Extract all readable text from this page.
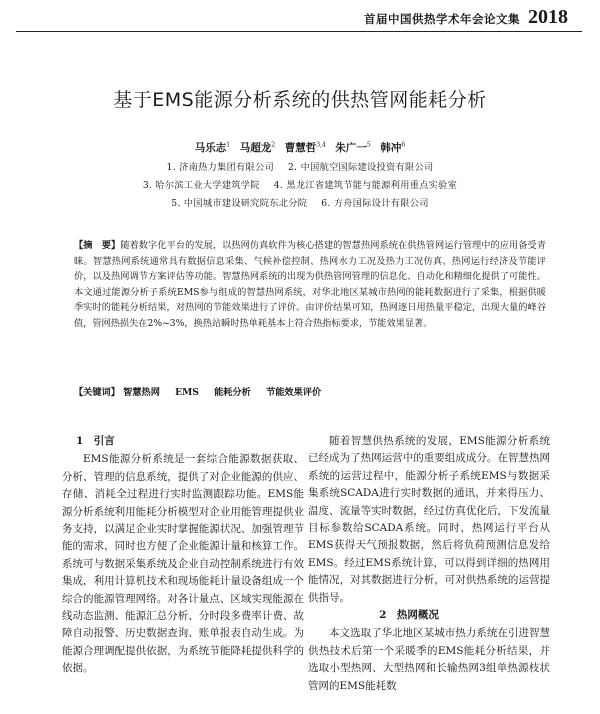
首届中国供热学术年会论文集 2018
基于EMS能源分析系统的供热管网能耗分析
马乐志$^1$ 马超龙$^2$ 曹慧哲$^{3,4}$ 朱广一$^5$ 韩冲$^6$
1. 济南热力集团有限公司 2. 中国航空国际建设投资有限公司
3. 哈尔滨工业大学建筑学院 4. 黑龙江省建筑节能与能源利用重点实验室
5. 中国城市建设研究院东北分院 6. 方舟国际设计有限公司
【摘　要】随着数字化平台的发展，以热网仿真软件为核心搭建的智慧热网系统在供热管网运行管理中的应用备受青睐。智慧热网系统通常具有数据信息采集、气候补偿控制、热网水力工况及热力工况仿真、热网运行经济及节能评价，以及热网调节方案评估等功能。智慧热网系统的出现为供热管网管理的信息化、自动化和精细化提供了可能性。本文通过能源分析子系统EMS参与组成的智慧热网系统，对华北地区某城市热网的能耗数据进行了采集，根据供暖季实时的能耗分析结果，对热网的节能效果进行了评价。由评价结果可知，热网逐日用热量平稳定，出现大量的峰谷值，管网热损失在2%~3%，换热站瞬时热单耗基本上符合热指标要求，节能效果显著。
【关键词】 智慧热网 EMS 能耗分析 节能效果评价
1　引言

EMS能源分析系统是一套综合能源数据获取、分析、管理的信息系统，提供了对企业能源的供应、存储、消耗全过程进行实时监测跟踪功能。EMS能源分析系统利用能耗分析模型对企业用能管理提供业务支持，以满足企业实时掌握能源状况、加强管理节能的需求，同时也方便了企业能源计量和核算工作。系统可与数据采集系统及企业自动控制系统进行有效集成，利用计算机技术和现场能耗计量设备组成一个综合的能源管理网络。对各计量点、区域实现能源在线动态监测、能源汇总分析、分时段多费率计费、故障自动报警、历史数据查询、账单报表自动生成。为能源合理调配提供依据，为系统节能降耗提供科学的依据。

随着智慧供热系统的发展，EMS能源分析系统已经成为了热网运营中的重要组成成分。在智慧热网系统的运营过程中，能源分析子系统EMS与数据采集系统SCADA进行实时数据的通讯，并来得压力、温度、流量等实时数据，经过仿真优化后，下发流量目标参数给SCADA系统。同时，热网运行平台从EMS获得天气预报数据，然后将负荷预测信息发给EMS。经过EMS系统计算，可以得到详细的热网用能情况，对其数据进行分析，可对供热系统的运营提供指导。

2　热网概况

本文选取了华北地区某城市热力系统在引进智慧供热技术后第一个采暖季的EMS能耗分析结果，并选取小型热网、大型热网和长输热网3组单热源枝状管网的EMS能耗数
